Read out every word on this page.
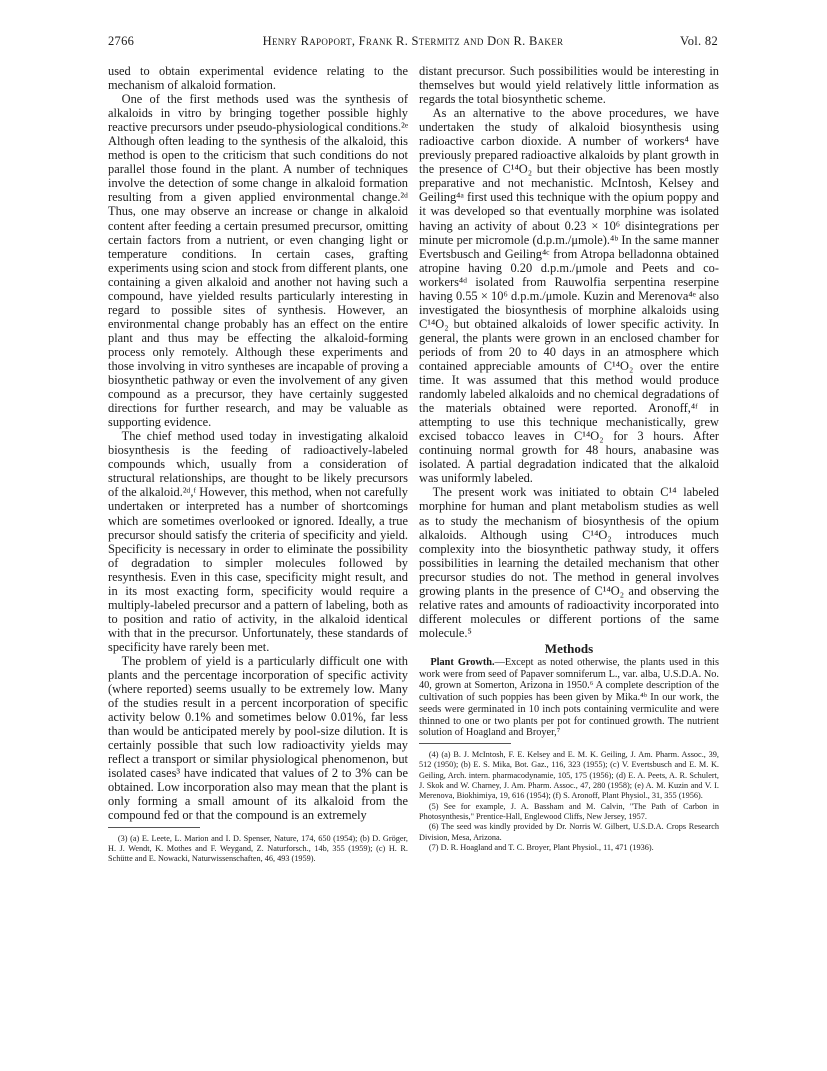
2766	Henry Rapoport, Frank R. Stermitz and Don R. Baker	Vol. 82

used to obtain experimental evidence relating to the mechanism of alkaloid formation.

One of the first methods used was the synthesis of alkaloids in vitro by bringing together possible highly reactive precursors under pseudo-physiological conditions.²ᵉ Although often leading to the synthesis of the alkaloid, this method is open to the criticism that such conditions do not parallel those found in the plant. A number of techniques involve the detection of some change in alkaloid formation resulting from a given applied environmental change.²ᵈ Thus, one may observe an increase or change in alkaloid content after feeding a certain presumed precursor, omitting certain factors from a nutrient, or even changing light or temperature conditions. In certain cases, grafting experiments using scion and stock from different plants, one containing a given alkaloid and another not having such a compound, have yielded results particularly interesting in regard to possible sites of synthesis. However, an environmental change probably has an effect on the entire plant and thus may be effecting the alkaloid-forming process only remotely. Although these experiments and those involving in vitro syntheses are incapable of proving a biosynthetic pathway or even the involvement of any given compound as a precursor, they have certainly suggested directions for further research, and may be valuable as supporting evidence.

The chief method used today in investigating alkaloid biosynthesis is the feeding of radioactively-labeled compounds which, usually from a consideration of structural relationships, are thought to be likely precursors of the alkaloid.²ᵈ,ᶠ However, this method, when not carefully undertaken or interpreted has a number of shortcomings which are sometimes overlooked or ignored. Ideally, a true precursor should satisfy the criteria of specificity and yield. Specificity is necessary in order to eliminate the possibility of degradation to simpler molecules followed by resynthesis. Even in this case, specificity might result, and in its most exacting form, specificity would require a multiply-labeled precursor and a pattern of labeling, both as to position and ratio of activity, in the alkaloid identical with that in the precursor. Unfortunately, these standards of specificity have rarely been met.

The problem of yield is a particularly difficult one with plants and the percentage incorporation of specific activity (where reported) seems usually to be extremely low. Many of the studies result in a percent incorporation of specific activity below 0.1% and sometimes below 0.01%, far less than would be anticipated merely by pool-size dilution. It is certainly possible that such low radioactivity yields may reflect a transport or similar physiological phenomenon, but isolated cases³ have indicated that values of 2 to 3% can be obtained. Low incorporation also may mean that the plant is only forming a small amount of its alkaloid from the compound fed or that the compound is an extremely

(3) (a) E. Leete, L. Marion and I. D. Spenser, Nature, 174, 650 (1954); (b) D. Gröger, H. J. Wendt, K. Mothes and F. Weygand, Z. Naturforsch., 14b, 355 (1959); (c) H. R. Schütte and E. Nowacki, Naturwissenschaften, 46, 493 (1959).

distant precursor. Such possibilities would be interesting in themselves but would yield relatively little information as regards the total biosynthetic scheme.

As an alternative to the above procedures, we have undertaken the study of alkaloid biosynthesis using radioactive carbon dioxide. A number of workers⁴ have previously prepared radioactive alkaloids by plant growth in the presence of C¹⁴O₂ but their objective has been mostly preparative and not mechanistic. McIntosh, Kelsey and Geiling⁴ᵃ first used this technique with the opium poppy and it was developed so that eventually morphine was isolated having an activity of about 0.23 × 10⁶ disintegrations per minute per micromole (d.p.m./μmole).⁴ᵇ In the same manner Evertsbusch and Geiling⁴ᶜ from Atropa belladonna obtained atropine having 0.20 d.p.m./μmole and Peets and co-workers⁴ᵈ isolated from Rauwolfia serpentina reserpine having 0.55 × 10⁶ d.p.m./μmole. Kuzin and Merenova⁴ᵉ also investigated the biosynthesis of morphine alkaloids using C¹⁴O₂ but obtained alkaloids of lower specific activity. In general, the plants were grown in an enclosed chamber for periods of from 20 to 40 days in an atmosphere which contained appreciable amounts of C¹⁴O₂ over the entire time. It was assumed that this method would produce randomly labeled alkaloids and no chemical degradations of the materials obtained were reported. Aronoff,⁴ᶠ in attempting to use this technique mechanistically, grew excised tobacco leaves in C¹⁴O₂ for 3 hours. After continuing normal growth for 48 hours, anabasine was isolated. A partial degradation indicated that the alkaloid was uniformly labeled.

The present work was initiated to obtain C¹⁴ labeled morphine for human and plant metabolism studies as well as to study the mechanism of biosynthesis of the opium alkaloids. Although using C¹⁴O₂ introduces much complexity into the biosynthetic pathway study, it offers possibilities in learning the detailed mechanism that other precursor studies do not. The method in general involves growing plants in the presence of C¹⁴O₂ and observing the relative rates and amounts of radioactivity incorporated into different molecules or different portions of the same molecule.⁵

Methods

Plant Growth.—Except as noted otherwise, the plants used in this work were from seed of Papaver somniferum L., var. alba, U.S.D.A. No. 40, grown at Somerton, Arizona in 1950.⁶ A complete description of the cultivation of such poppies has been given by Mika.⁴ᵇ In our work, the seeds were germinated in 10 inch pots containing vermiculite and were thinned to one or two plants per pot for continued growth. The nutrient solution of Hoagland and Broyer,⁷

(4) (a) B. J. McIntosh, F. E. Kelsey and E. M. K. Geiling, J. Am. Pharm. Assoc., 39, 512 (1950); (b) E. S. Mika, Bot. Gaz., 116, 323 (1955); (c) V. Evertsbusch and E. M. K. Geiling, Arch. intern. pharmacodynamie, 105, 175 (1956); (d) E. A. Peets, A. R. Schulert, J. Skok and W. Charney, J. Am. Pharm. Assoc., 47, 280 (1958); (e) A. M. Kuzin and V. I. Merenova, Biokhimiya, 19, 616 (1954); (f) S. Aronoff, Plant Physiol., 31, 355 (1956).

(5) See for example, J. A. Bassham and M. Calvin, "The Path of Carbon in Photosynthesis," Prentice-Hall, Englewood Cliffs, New Jersey, 1957.

(6) The seed was kindly provided by Dr. Norris W. Gilbert, U.S.D.A. Crops Research Division, Mesa, Arizona.

(7) D. R. Hoagland and T. C. Broyer, Plant Physiol., 11, 471 (1936).
